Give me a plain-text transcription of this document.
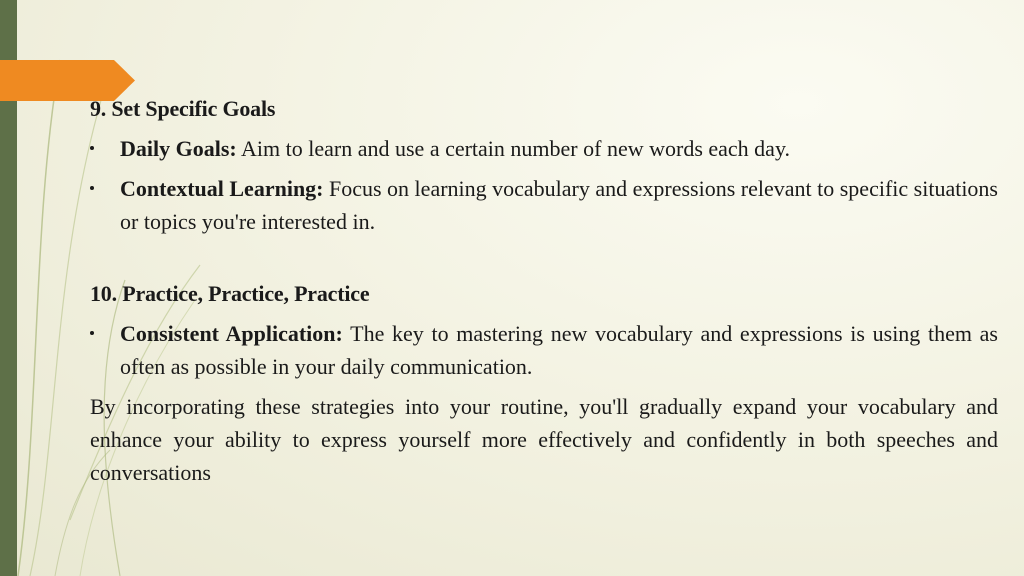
9. Set Specific Goals

Daily Goals: Aim to learn and use a certain number of new words each day.
Contextual Learning: Focus on learning vocabulary and expressions relevant to specific situations or topics you're interested in.

10. Practice, Practice, Practice

Consistent Application: The key to mastering new vocabulary and expressions is using them as often as possible in your daily communication.

By incorporating these strategies into your routine, you'll gradually expand your vocabulary and enhance your ability to express yourself more effectively and confidently in both speeches and conversations
